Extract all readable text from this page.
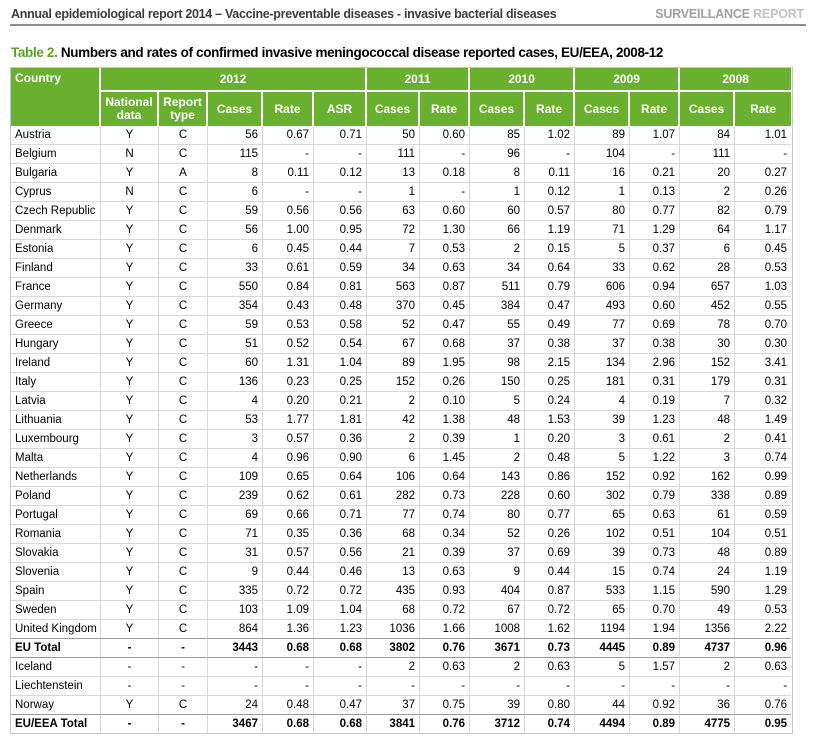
Annual epidemiological report 2014 – Vaccine-preventable diseases - invasive bacterial diseases	SURVEILLANCE REPORT
Table 2. Numbers and rates of confirmed invasive meningococcal disease reported cases, EU/EEA, 2008-12
Country	2012					2011		2010		2009		2008	
	National data	Report type	Cases	Rate	ASR	Cases	Rate	Cases	Rate	Cases	Rate	Cases	Rate
Austria	Y	C	56	0.67	0.71	50	0.60	85	1.02	89	1.07	84	1.01
Belgium	N	C	115	-	-	111	-	96	-	104	-	111	-
Bulgaria	Y	A	8	0.11	0.12	13	0.18	8	0.11	16	0.21	20	0.27
Cyprus	N	C	6	-	-	1	-	1	0.12	1	0.13	2	0.26
Czech Republic	Y	C	59	0.56	0.56	63	0.60	60	0.57	80	0.77	82	0.79
Denmark	Y	C	56	1.00	0.95	72	1.30	66	1.19	71	1.29	64	1.17
Estonia	Y	C	6	0.45	0.44	7	0.53	2	0.15	5	0.37	6	0.45
Finland	Y	C	33	0.61	0.59	34	0.63	34	0.64	33	0.62	28	0.53
France	Y	C	550	0.84	0.81	563	0.87	511	0.79	606	0.94	657	1.03
Germany	Y	C	354	0.43	0.48	370	0.45	384	0.47	493	0.60	452	0.55
Greece	Y	C	59	0.53	0.58	52	0.47	55	0.49	77	0.69	78	0.70
Hungary	Y	C	51	0.52	0.54	67	0.68	37	0.38	37	0.38	30	0.30
Ireland	Y	C	60	1.31	1.04	89	1.95	98	2.15	134	2.96	152	3.41
Italy	Y	C	136	0.23	0.25	152	0.26	150	0.25	181	0.31	179	0.31
Latvia	Y	C	4	0.20	0.21	2	0.10	5	0.24	4	0.19	7	0.32
Lithuania	Y	C	53	1.77	1.81	42	1.38	48	1.53	39	1.23	48	1.49
Luxembourg	Y	C	3	0.57	0.36	2	0.39	1	0.20	3	0.61	2	0.41
Malta	Y	C	4	0.96	0.90	6	1.45	2	0.48	5	1.22	3	0.74
Netherlands	Y	C	109	0.65	0.64	106	0.64	143	0.86	152	0.92	162	0.99
Poland	Y	C	239	0.62	0.61	282	0.73	228	0.60	302	0.79	338	0.89
Portugal	Y	C	69	0.66	0.71	77	0.74	80	0.77	65	0.63	61	0.59
Romania	Y	C	71	0.35	0.36	68	0.34	52	0.26	102	0.51	104	0.51
Slovakia	Y	C	31	0.57	0.56	21	0.39	37	0.69	39	0.73	48	0.89
Slovenia	Y	C	9	0.44	0.46	13	0.63	9	0.44	15	0.74	24	1.19
Spain	Y	C	335	0.72	0.72	435	0.93	404	0.87	533	1.15	590	1.29
Sweden	Y	C	103	1.09	1.04	68	0.72	67	0.72	65	0.70	49	0.53
United Kingdom	Y	C	864	1.36	1.23	1036	1.66	1008	1.62	1194	1.94	1356	2.22
EU Total	-	-	3443	0.68	0.68	3802	0.76	3671	0.73	4445	0.89	4737	0.96
Iceland	-	-	-	-	-	2	0.63	2	0.63	5	1.57	2	0.63
Liechtenstein	-	-	-	-	-	-	-	-	-	-	-	-	-
Norway	Y	C	24	0.48	0.47	37	0.75	39	0.80	44	0.92	36	0.76
EU/EEA Total	-	-	3467	0.68	0.68	3841	0.76	3712	0.74	4494	0.89	4775	0.95
